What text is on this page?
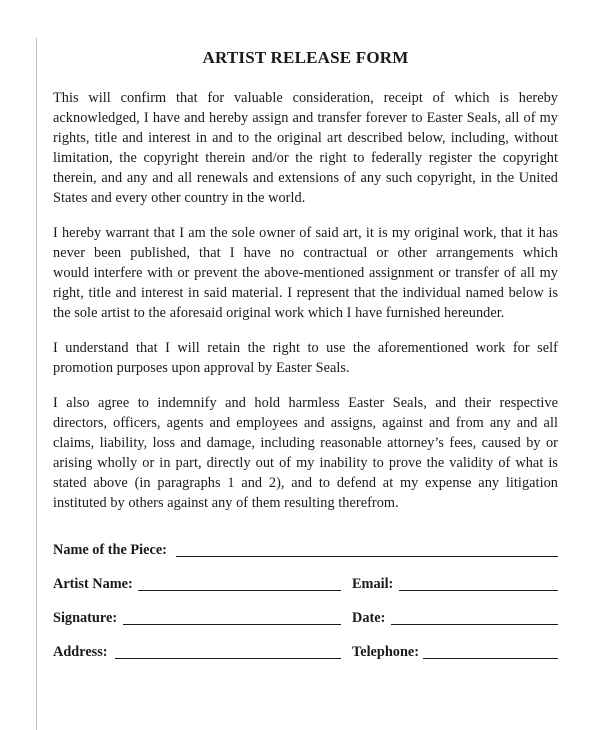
ARTIST RELEASE FORM
This will confirm that for valuable consideration, receipt of which is hereby
acknowledged, I have and hereby assign and transfer forever to Easter Seals, all of my
rights, title and interest in and to the original art described below, including, without
limitation, the copyright therein and/or the right to federally register the copyright
therein, and any and all renewals and extensions of any such copyright, in the United
States and every other country in the world.
I hereby warrant that I am the sole owner of said art, it is my original work, that it has
never been published, that I have no contractual or other arrangements which
would interfere with or prevent the above-mentioned assignment or transfer of all my
right, title and interest in said material. I represent that the individual named below is
the sole artist to the aforesaid original work which I have furnished hereunder.
I understand that I will retain the right to use the aforementioned work for self
promotion purposes upon approval by Easter Seals.
I also agree to indemnify and hold harmless Easter Seals, and their respective
directors, officers, agents and employees and assigns, against and from any and all
claims, liability, loss and damage, including reasonable attorney’s fees, caused by or
arising wholly or in part, directly out of my inability to prove the validity of what is
stated above (in paragraphs 1 and 2), and to defend at my expense any litigation
instituted by others against any of them resulting therefrom.
Name of the Piece:
Artist Name:	Email:
Signature:	Date:
Address:	Telephone:
